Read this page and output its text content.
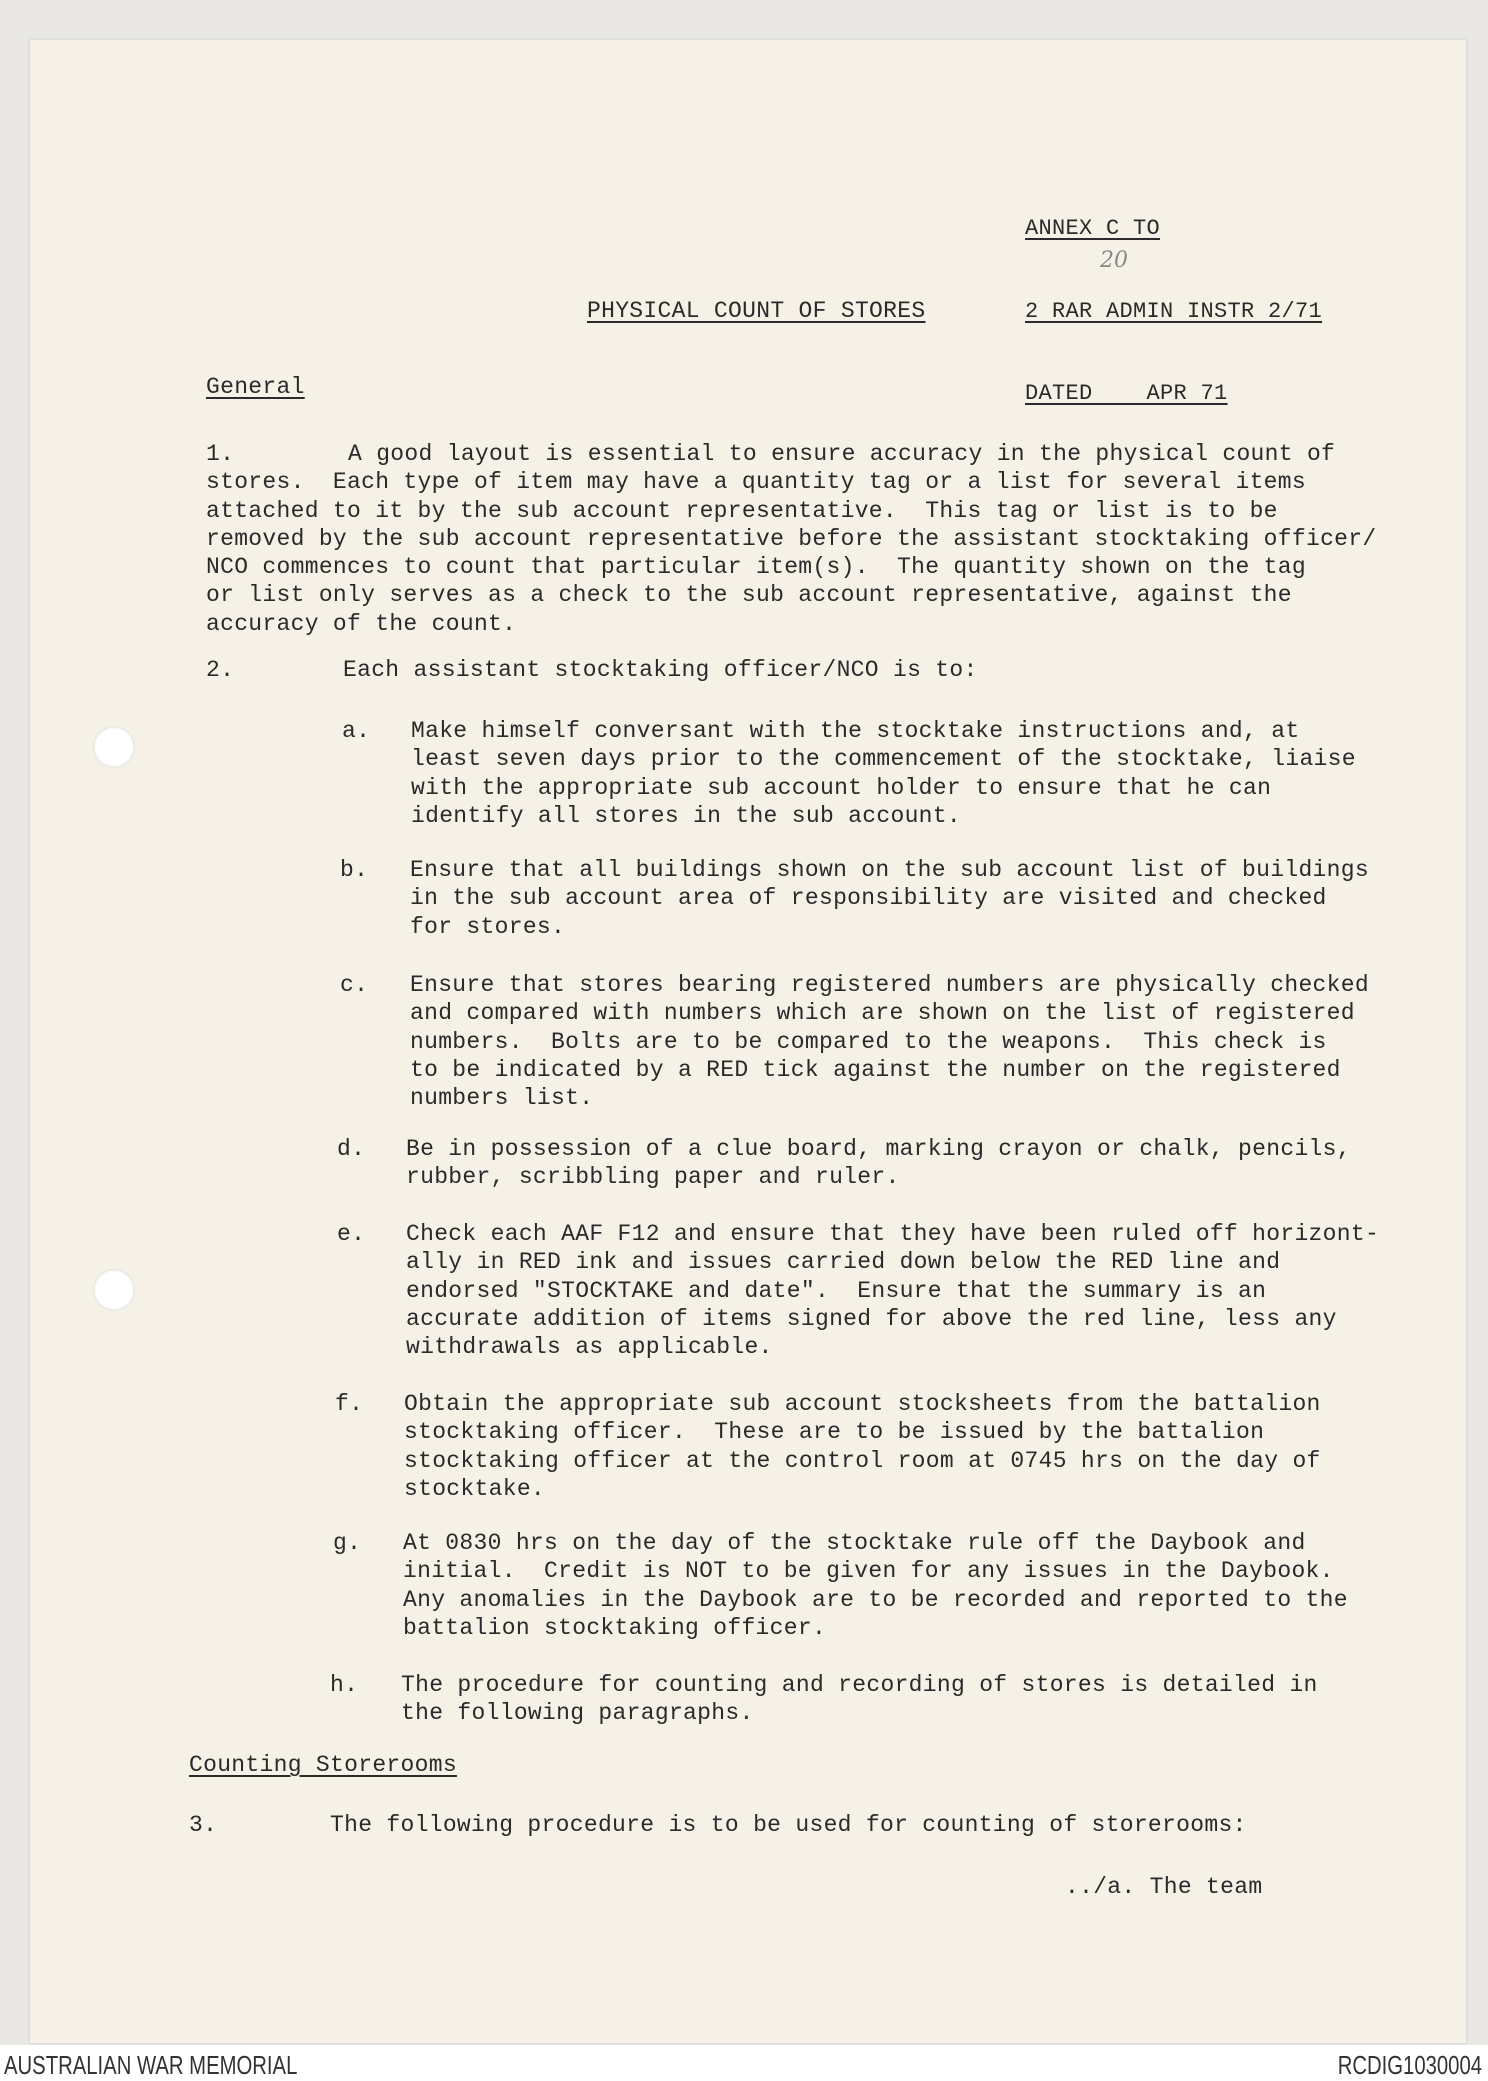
ANNEX C TO

2 RAR ADMIN INSTR 2/71

DATED    APR 71

20
PHYSICAL COUNT OF STORES
General
1.	A good layout is essential to ensure accuracy in the physical count of
stores.  Each type of item may have a quantity tag or a list for several items
attached to it by the sub account representative.  This tag or list is to be
removed by the sub account representative before the assistant stocktaking officer/
NCO commences to count that particular item(s).  The quantity shown on the tag
or list only serves as a check to the sub account representative, against the
accuracy of the count.
2.	Each assistant stocktaking officer/NCO is to:
a. Make himself conversant with the stocktake instructions and, at
least seven days prior to the commencement of the stocktake, liaise
with the appropriate sub account holder to ensure that he can
identify all stores in the sub account.
b. Ensure that all buildings shown on the sub account list of buildings
in the sub account area of responsibility are visited and checked
for stores.
c. Ensure that stores bearing registered numbers are physically checked
and compared with numbers which are shown on the list of registered
numbers.  Bolts are to be compared to the weapons.  This check is
to be indicated by a RED tick against the number on the registered
numbers list.
d. Be in possession of a clue board, marking crayon or chalk, pencils,
rubber, scribbling paper and ruler.
e. Check each AAF F12 and ensure that they have been ruled off horizont-
ally in RED ink and issues carried down below the RED line and
endorsed "STOCKTAKE and date".  Ensure that the summary is an
accurate addition of items signed for above the red line, less any
withdrawals as applicable.
f. Obtain the appropriate sub account stocksheets from the battalion
stocktaking officer.  These are to be issued by the battalion
stocktaking officer at the control room at 0745 hrs on the day of
stocktake.
g. At 0830 hrs on the day of the stocktake rule off the Daybook and
initial.  Credit is NOT to be given for any issues in the Daybook.
Any anomalies in the Daybook are to be recorded and reported to the
battalion stocktaking officer.
h. The procedure for counting and recording of stores is detailed in
the following paragraphs.
Counting Storerooms
3.	The following procedure is to be used for counting of storerooms:
../a. The team
AUSTRALIAN WAR MEMORIAL	RCDIG1030004
